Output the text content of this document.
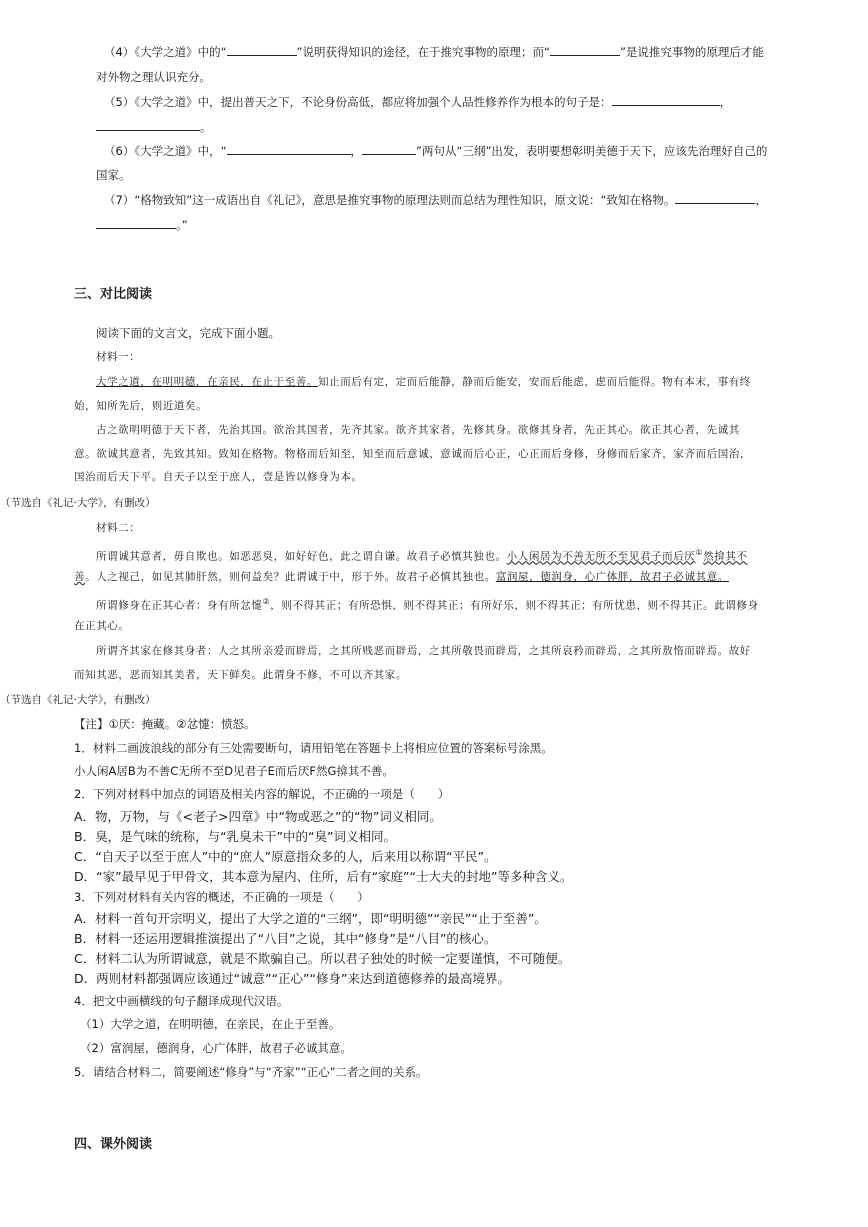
（4）《大学之道》中的“	”说明获得知识的途径，在于推究事物的原理；而“	”是说推究事物的原理后才能
对外物之理认识充分。
（5）《大学之道》中，提出普天之下，不论身份高低，都应将加强个人品性修养作为根本的句子是：	，
。
（6）《大学之道》中，“	，	”两句从“三纲”出发，表明要想彰明美德于天下，应该先治理好自己的
国家。
（7）“格物致知”这一成语出自《礼记》，意思是推究事物的原理法则而总结为理性知识，原文说：“致知在格物。	，
。”
三、对比阅读
阅读下面的文言文，完成下面小题。
材料一：
大学之道，在明明德，在亲民，在止于至善。知止而后有定，定而后能静，静而后能安，安而后能虑，虑而后能得。物有本末，事有终
始，知所先后，则近道矣。
古之欲明明德于天下者，先治其国。欲治其国者，先齐其家。欲齐其家者，先修其身。欲修其身者，先正其心。欲正其心者，先诚其
意。欲诚其意者，先致其知。致知在格物。物格而后知至，知至而后意诚，意诚而后心正，心正而后身修，身修而后家齐，家齐而后国治，
国治而后天下平。自天子以至于庶人，壹是皆以修身为本。
（节选自《礼记·大学》，有删改）
材料二：
所谓诚其意者，毋自欺也。如恶恶臭，如好好色，此之谓自谦。故君子必慎其独也。小人闲居为不善无所不至见君子而后厌①然揜其不
善。人之视己，如见其肺肝然，则何益矣？此谓诚于中，形于外。故君子必慎其独也。富润屋，德润身，心广体胖，故君子必诚其意。
所谓修身在正其心者：身有所忿懥②，则不得其正；有所恐惧，则不得其正；有所好乐，则不得其正；有所忧患，则不得其正。此谓修身
在正其心。
所谓齐其家在修其身者：人之其所亲爱而辟焉，之其所贱恶而辟焉，之其所敬畏而辟焉，之其所哀矜而辟焉，之其所敖惰而辟焉。故好
而知其恶，恶而知其美者，天下鲜矣。此谓身不修，不可以齐其家。
（节选自《礼记·大学》，有删改）
【注】①厌：掩藏。②忿懥：愤怒。
1．材料二画波浪线的部分有三处需要断句，请用铅笔在答题卡上将相应位置的答案标号涂黑。
小人闲A居B为不善C无所不至D见君子E而后厌F然G揜其不善。
2．下列对材料中加点的词语及相关内容的解说，不正确的一项是（　　）
A．物，万物，与《<老子>四章》中“物或恶之”的“物”词义相同。
B．臭，是气味的统称，与“乳臭未干”中的“臭”词义相同。
C．“自天子以至于庶人”中的“庶人”原意指众多的人，后来用以称谓“平民”。
D．“家”最早见于甲骨文，其本意为屋内、住所，后有“家庭”“士大夫的封地”等多种含义。
3．下列对材料有关内容的概述，不正确的一项是（　　）
A．材料一首句开宗明义，提出了大学之道的“三纲”，即“明明德”“亲民”“止于至善”。
B．材料一还运用逻辑推演提出了“八目”之说，其中“修身”是“八目”的核心。
C．材料二认为所谓诚意，就是不欺骗自己。所以君子独处的时候一定要谨慎，不可随便。
D．两则材料都强调应该通过“诚意”“正心”“修身”来达到道德修养的最高境界。
4．把文中画横线的句子翻译成现代汉语。
（1）大学之道，在明明德，在亲民，在止于至善。
（2）富润屋，德润身，心广体胖，故君子必诚其意。
5．请结合材料二，简要阐述“修身”与“齐家”“正心”二者之间的关系。
四、课外阅读
